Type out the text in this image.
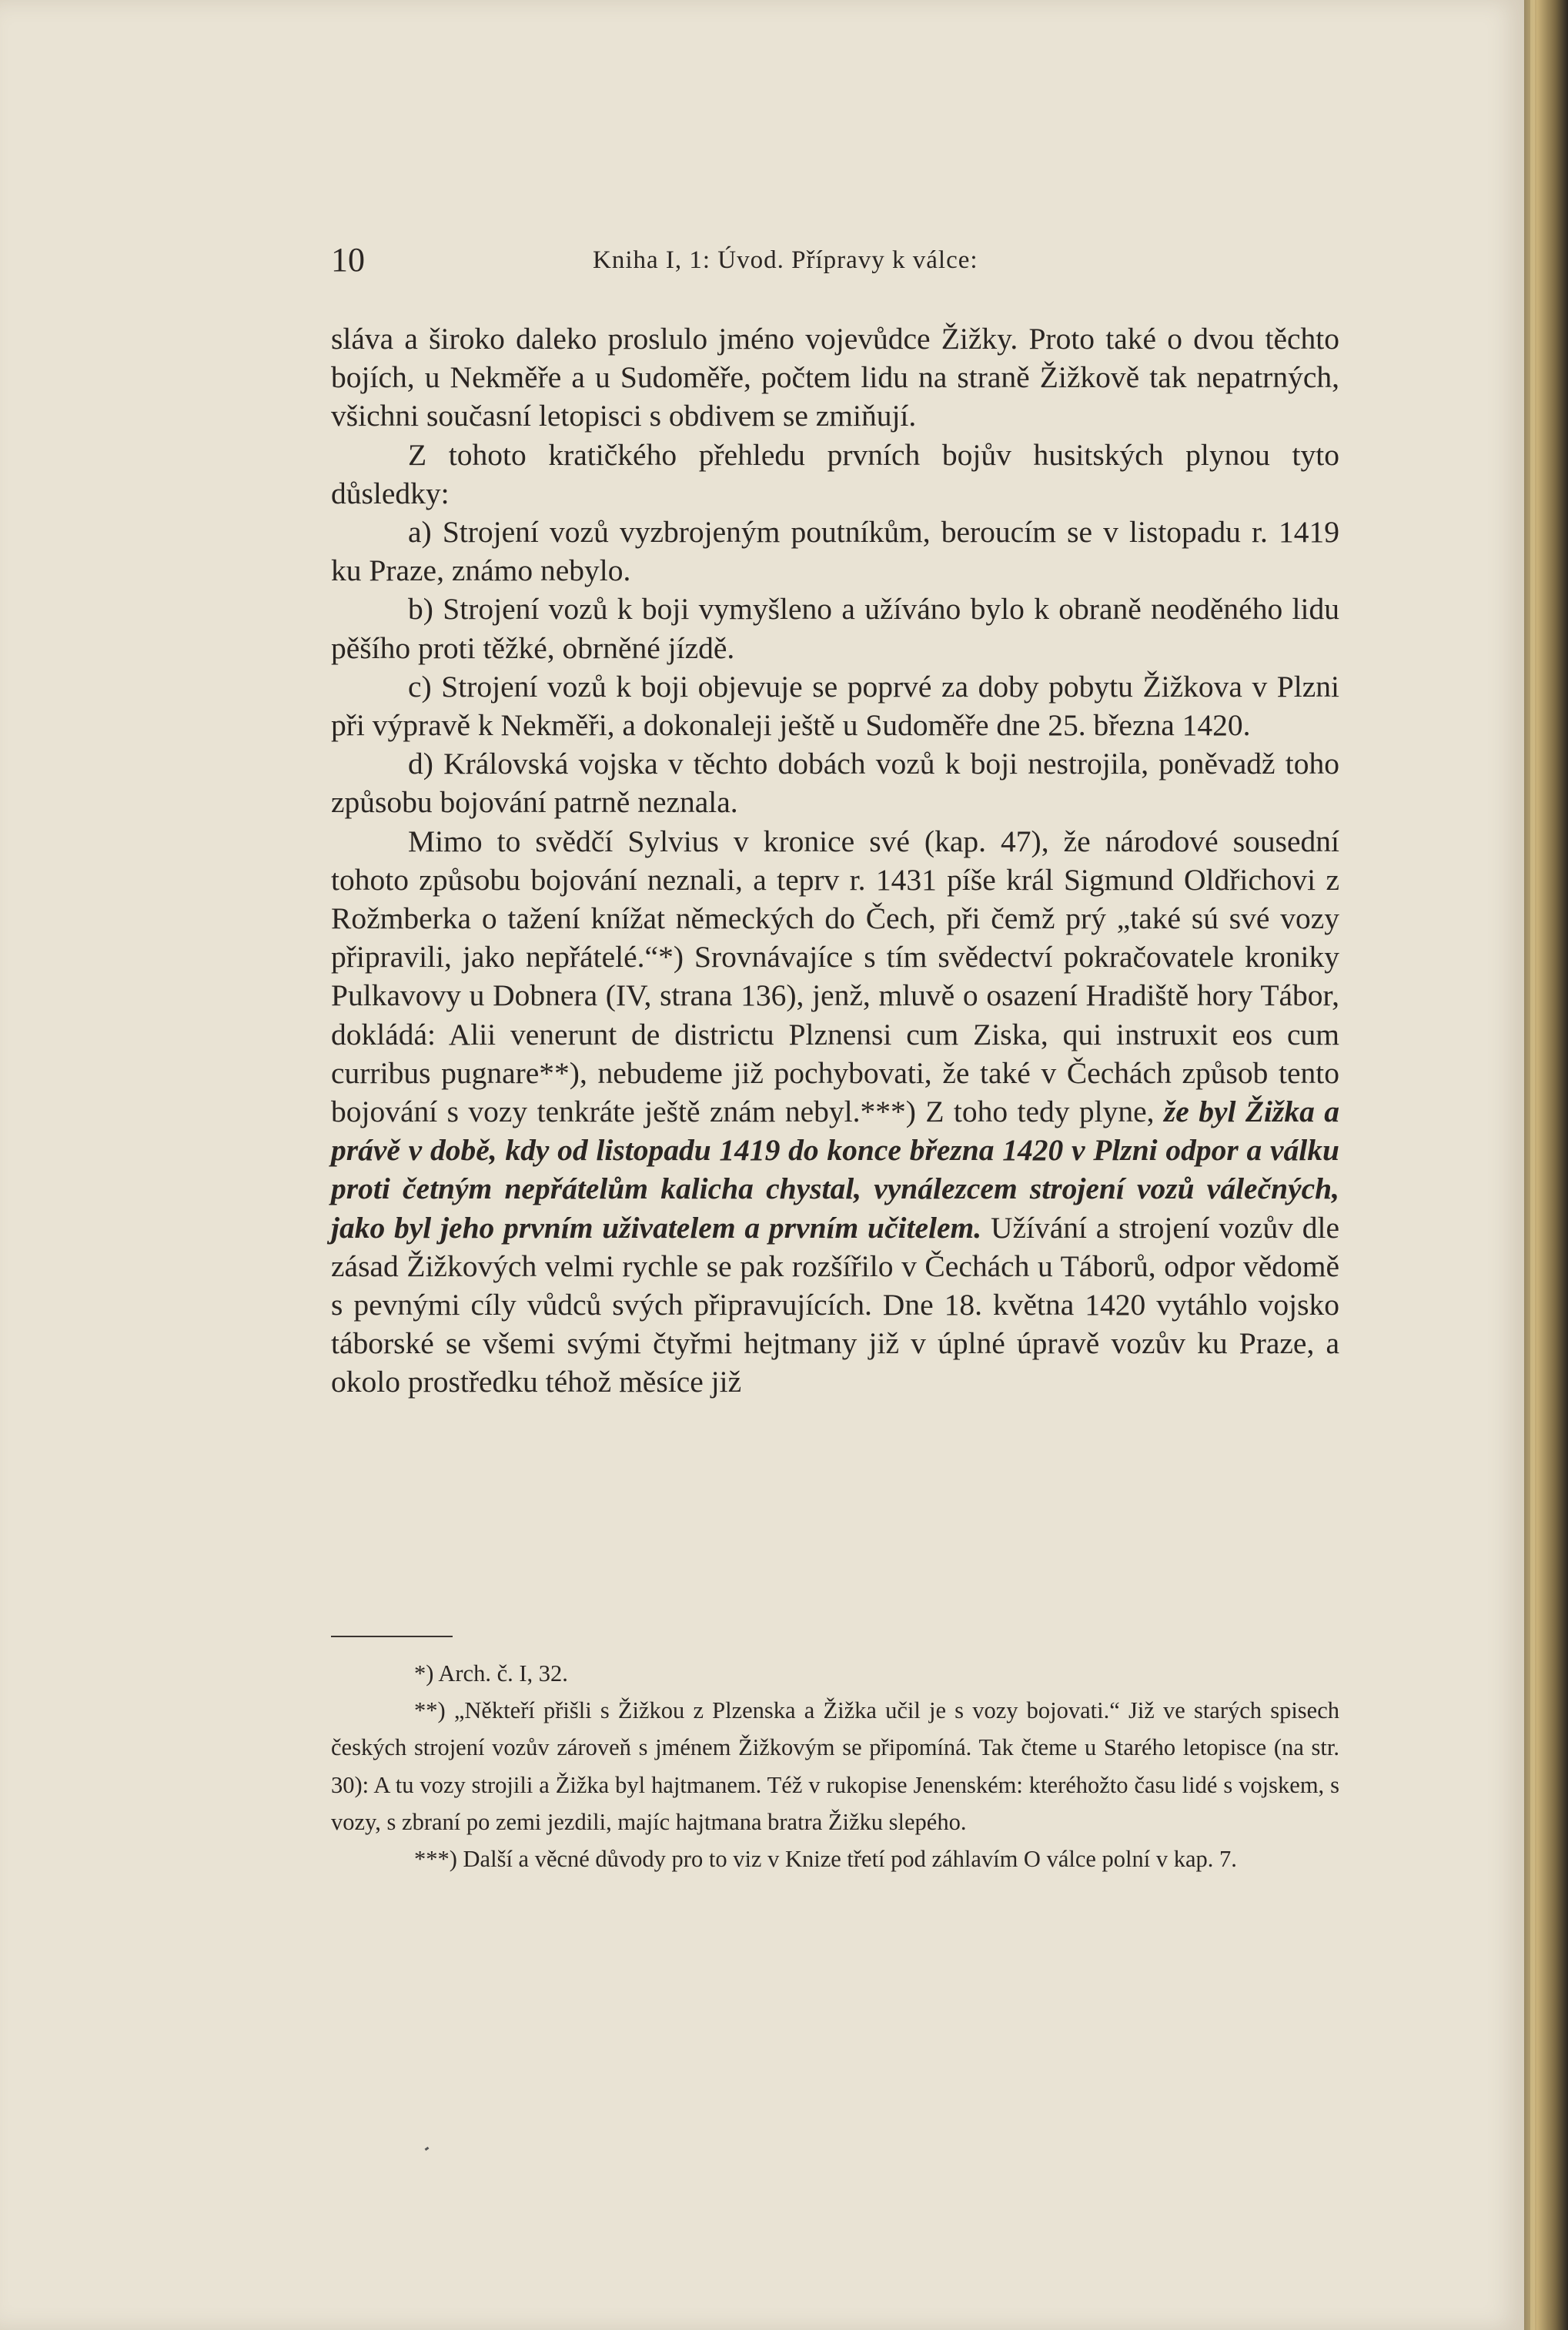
10	Kniha I, 1: Úvod. Přípravy k válce:

sláva a široko daleko proslulo jméno vojevůdce Žižky. Proto také o dvou těchto bojích, u Nekměře a u Sudoměře, počtem lidu na straně Žižkově tak nepatrných, všichni současní letopisci s obdivem se zmiňují.

Z tohoto kratičkého přehledu prvních bojův husitských plynou tyto důsledky:

a) Strojení vozů vyzbrojeným poutníkům, beroucím se v listopadu r. 1419 ku Praze, známo nebylo.

b) Strojení vozů k boji vymyšleno a užíváno bylo k obraně neoděného lidu pěšího proti těžké, obrněné jízdě.

c) Strojení vozů k boji objevuje se poprvé za doby pobytu Žižkova v Plzni při výpravě k Nekměři, a dokonaleji ještě u Sudoměře dne 25. března 1420.

d) Královská vojska v těchto dobách vozů k boji nestrojila, poněvadž toho způsobu bojování patrně neznala.

Mimo to svědčí Sylvius v kronice své (kap. 47), že národové sousední tohoto způsobu bojování neznali, a teprv r. 1431 píše král Sigmund Oldřichovi z Rožmberka o tažení knížat německých do Čech, při čemž prý „také sú své vozy připravili, jako nepřátelé.“*) Srovnávajíce s tím svědectví pokračovatele kroniky Pulkavovy u Dobnera (IV, strana 136), jenž, mluvě o osazení Hradiště hory Tábor, dokládá: Alii venerunt de districtu Plznensi cum Ziska, qui instruxit eos cum curribus pugnare**), nebudeme již pochybovati, že také v Čechách způsob tento bojování s vozy tenkráte ještě znám nebyl.***) Z toho tedy plyne, že byl Žižka a právě v době, kdy od listopadu 1419 do konce března 1420 v Plzni odpor a válku proti četným nepřátelům kalicha chystal, vynálezcem strojení vozů válečných, jako byl jeho prvním uživatelem a prvním učitelem. Užívání a strojení vozův dle zásad Žižkových velmi rychle se pak rozšířilo v Čechách u Táborů, odpor vědomě s pevnými cíly vůdců svých připravujících. Dne 18. května 1420 vytáhlo vojsko táborské se všemi svými čtyřmi hejtmany již v úplné úpravě vozův ku Praze, a okolo prostředku téhož měsíce již

*) Arch. č. I, 32.

**) „Někteří přišli s Žižkou z Plzenska a Žižka učil je s vozy bojovati.“ Již ve starých spisech českých strojení vozův zároveň s jménem Žižkovým se připomíná. Tak čteme u Starého letopisce (na str. 30): A tu vozy strojili a Žižka byl hajtmanem. Též v rukopise Jenenském: kteréhožto času lidé s vojskem, s vozy, s zbraní po zemi jezdili, majíc hajtmana bratra Žižku slepého.

***) Další a věcné důvody pro to viz v Knize třetí pod záhlavím O válce polní v kap. 7.
